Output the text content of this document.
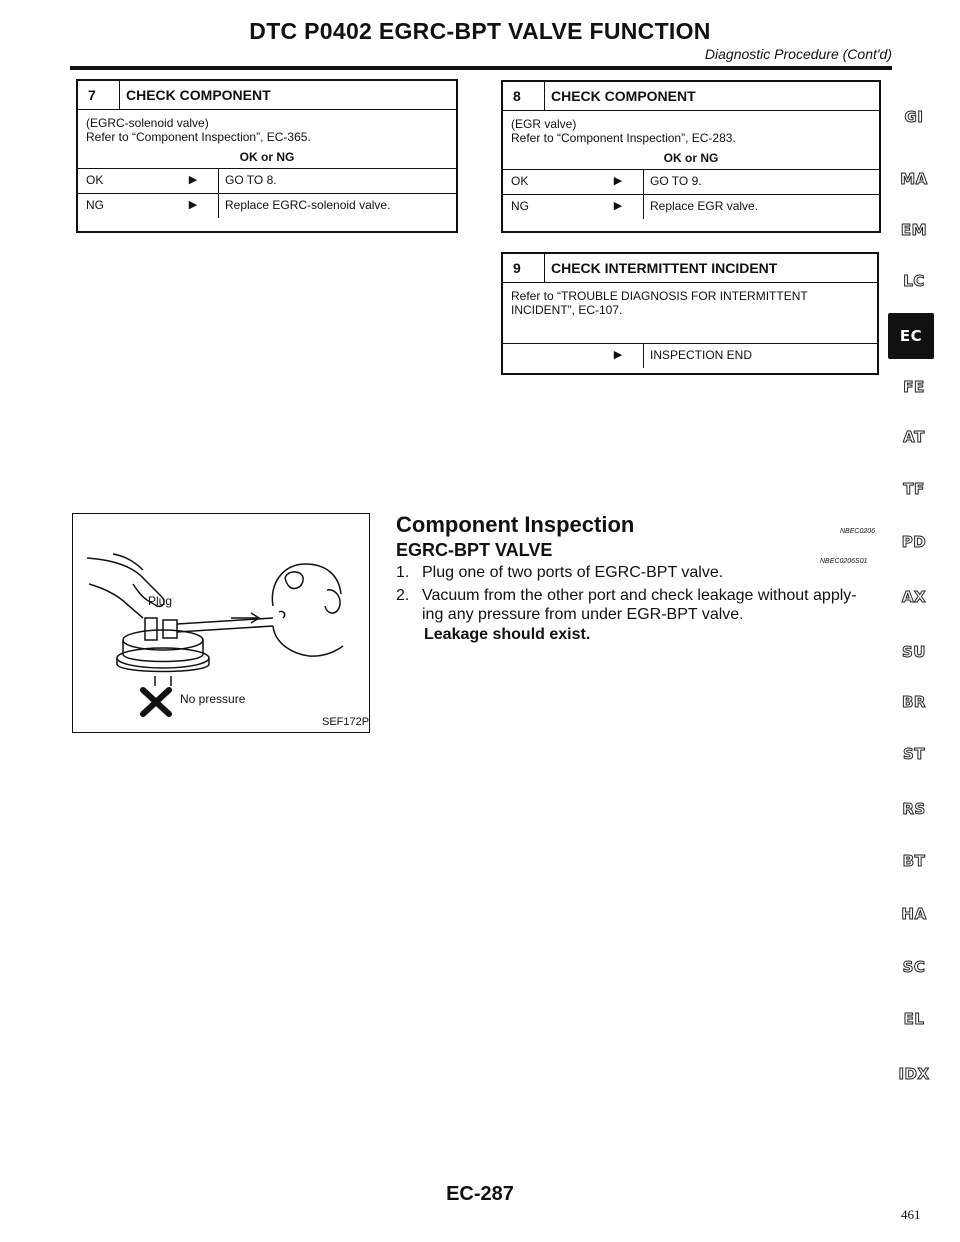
DTC P0402 EGRC-BPT VALVE FUNCTION
Diagnostic Procedure (Cont'd)
7	CHECK COMPONENT
(EGRC-solenoid valve)
Refer to “Component Inspection”, EC-365.
OK or NG
OK	▶	GO TO 8.
NG	▶	Replace EGRC-solenoid valve.
8	CHECK COMPONENT
(EGR valve)
Refer to “Component Inspection”, EC-283.
OK or NG
OK	▶	GO TO 9.
NG	▶	Replace EGR valve.
9	CHECK INTERMITTENT INCIDENT
Refer to “TROUBLE DIAGNOSIS FOR INTERMITTENT
INCIDENT”, EC-107.
▶	INSPECTION END
GI
MA
EM
LC
EC
FE
AT
TF
PD
AX
SU
BR
ST
RS
BT
HA
SC
EL
IDX
Plug
No pressure
SEF172P
Component Inspection	NBEC0206
EGRC-BPT VALVE
NBEC0206S01
1. Plug one of two ports of EGRC-BPT valve.
2. Vacuum from the other port and check leakage without apply-ing any pressure from under EGR-BPT valve.
Leakage should exist.
EC-287
461
